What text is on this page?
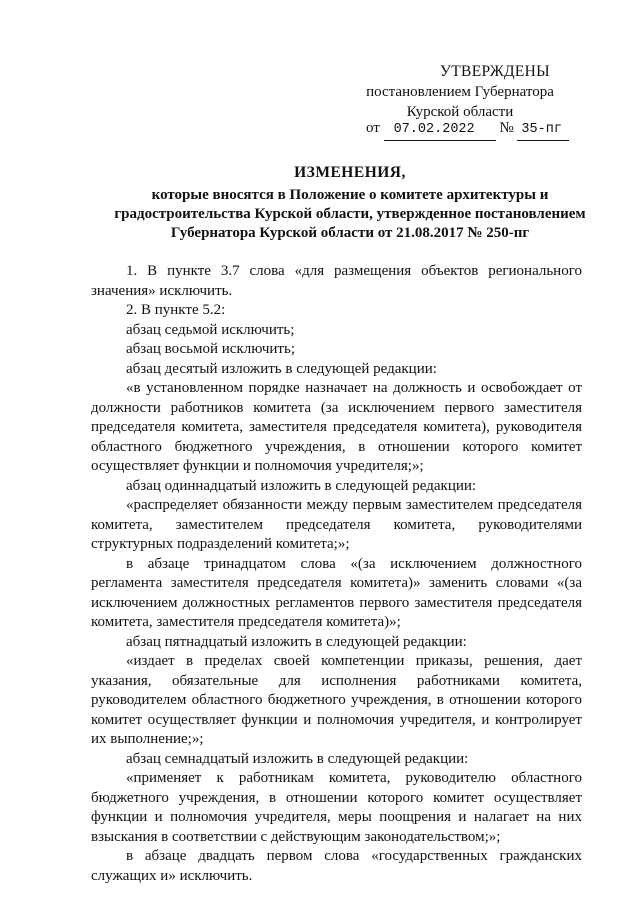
УТВЕРЖДЕНЫ
постановлением Губернатора
Курской области
от 07.02.2022 № 35-пг
ИЗМЕНЕНИЯ,
которые вносятся в Положение о комитете архитектуры и
градостроительства Курской области, утвержденное постановлением
Губернатора Курской области от 21.08.2017 № 250-пг

1. В пункте 3.7 слова «для размещения объектов регионального значения» исключить.

2. В пункте 5.2:

абзац седьмой исключить;

абзац восьмой исключить;

абзац десятый изложить в следующей редакции:

«в установленном порядке назначает на должность и освобождает от должности работников комитета (за исключением первого заместителя председателя комитета, заместителя председателя комитета), руководителя областного бюджетного учреждения, в отношении которого комитет осуществляет функции и полномочия учредителя;»;

абзац одиннадцатый изложить в следующей редакции:

«распределяет обязанности между первым заместителем председателя комитета, заместителем председателя комитета, руководителями структурных подразделений комитета;»;

в абзаце тринадцатом слова «(за исключением должностного регламента заместителя председателя комитета)» заменить словами «(за исключением должностных регламентов первого заместителя председателя комитета, заместителя председателя комитета)»;

абзац пятнадцатый изложить в следующей редакции:

«издает в пределах своей компетенции приказы, решения, дает указания, обязательные для исполнения работниками комитета, руководителем областного бюджетного учреждения, в отношении которого комитет осуществляет функции и полномочия учредителя, и контролирует их выполнение;»;

абзац семнадцатый изложить в следующей редакции:

«применяет к работникам комитета, руководителю областного бюджетного учреждения, в отношении которого комитет осуществляет функции и полномочия учредителя, меры поощрения и налагает на них взыскания в соответствии с действующим законодательством;»;

в абзаце двадцать первом слова «государственных гражданских служащих и» исключить.
